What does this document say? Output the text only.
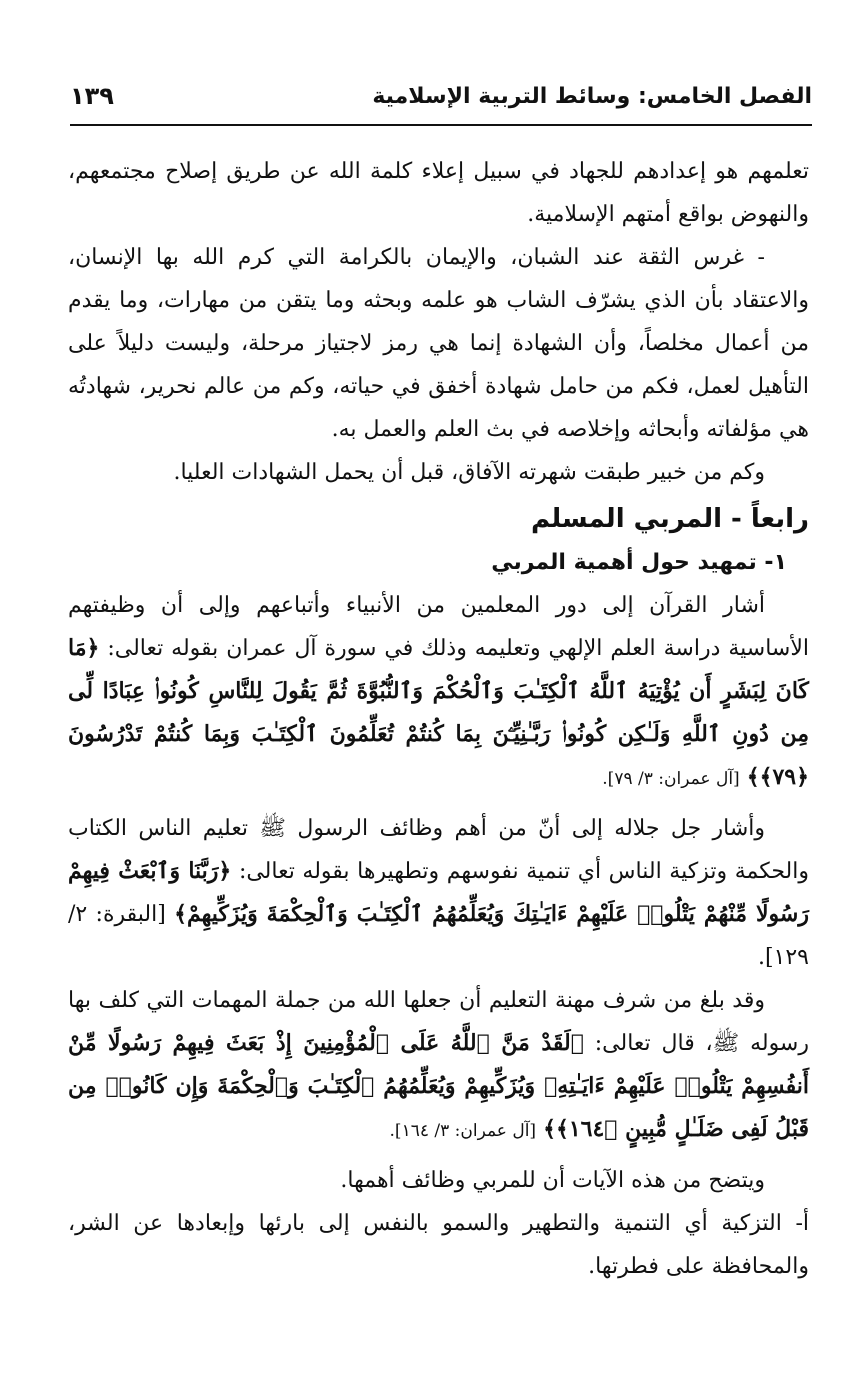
الفصل الخامس: وسائط التربية الإسلامية
١٣٩

تعلمهم هو إعدادهم للجهاد في سبيل إعلاء كلمة الله عن طريق إصلاح مجتمعهم، والنهوض بواقع أمتهم الإسلامية.

- غرس الثقة عند الشبان، والإيمان بالكرامة التي كرم الله بها الإنسان، والاعتقاد بأن الذي يشرّف الشاب هو علمه وبحثه وما يتقن من مهارات، وما يقدم من أعمال مخلصاً، وأن الشهادة إنما هي رمز لاجتياز مرحلة، وليست دليلاً على التأهيل لعمل، فكم من حامل شهادة أخفق في حياته، وكم من عالم نحرير، شهادتُه هي مؤلفاته وأبحاثه وإخلاصه في بث العلم والعمل به.

وكم من خبير طبقت شهرته الآفاق، قبل أن يحمل الشهادات العليا.

رابعاً - المربي المسلم
١- تمهيد حول أهمية المربي

أشار القرآن إلى دور المعلمين من الأنبياء وأتباعهم وإلى أن وظيفتهم الأساسية دراسة العلم الإلهي وتعليمه وذلك في سورة آل عمران بقوله تعالى: ﴿مَا كَانَ لِبَشَرٍ أَن يُؤْتِيَهُ ٱللَّهُ ٱلْكِتَـٰبَ وَٱلْحُكْمَ وَٱلنُّبُوَّةَ ثُمَّ يَقُولَ لِلنَّاسِ كُونُوا۟ عِبَادًا لِّى مِن دُونِ ٱللَّهِ وَلَـٰكِن كُونُوا۟ رَبَّـٰنِيِّـۧنَ بِمَا كُنتُمْ تُعَلِّمُونَ ٱلْكِتَـٰبَ وَبِمَا كُنتُمْ تَدْرُسُونَ ﴿٧٩﴾﴾ [آل عمران: ٣/ ٧٩].

وأشار جل جلاله إلى أنّ من أهم وظائف الرسول ﷺ تعليم الناس الكتاب والحكمة وتزكية الناس أي تنمية نفوسهم وتطهيرها بقوله تعالى: ﴿رَبَّنَا وَٱبْعَثْ فِيهِمْ رَسُولًا مِّنْهُمْ يَتْلُوا۟ عَلَيْهِمْ ءَايَـٰتِكَ وَيُعَلِّمُهُمُ ٱلْكِتَـٰبَ وَٱلْحِكْمَةَ وَيُزَكِّيهِمْ﴾ [البقرة: ٢/ ١٢٩].

وقد بلغ من شرف مهنة التعليم أن جعلها الله من جملة المهمات التي كلف بها رسوله ﷺ، قال تعالى: ﴿لَقَدْ مَنَّ ٱللَّهُ عَلَى ٱلْمُؤْمِنِينَ إِذْ بَعَثَ فِيهِمْ رَسُولًا مِّنْ أَنفُسِهِمْ يَتْلُوا۟ عَلَيْهِمْ ءَايَـٰتِهِۦ وَيُزَكِّيهِمْ وَيُعَلِّمُهُمُ ٱلْكِتَـٰبَ وَٱلْحِكْمَةَ وَإِن كَانُوا۟ مِن قَبْلُ لَفِى ضَلَـٰلٍ مُّبِينٍ ﴿١٦٤﴾﴾ [آل عمران: ٣/ ١٦٤].

ويتضح من هذه الآيات أن للمربي وظائف أهمها.

أ- التزكية أي التنمية والتطهير والسمو بالنفس إلى بارئها وإبعادها عن الشر، والمحافظة على فطرتها.
